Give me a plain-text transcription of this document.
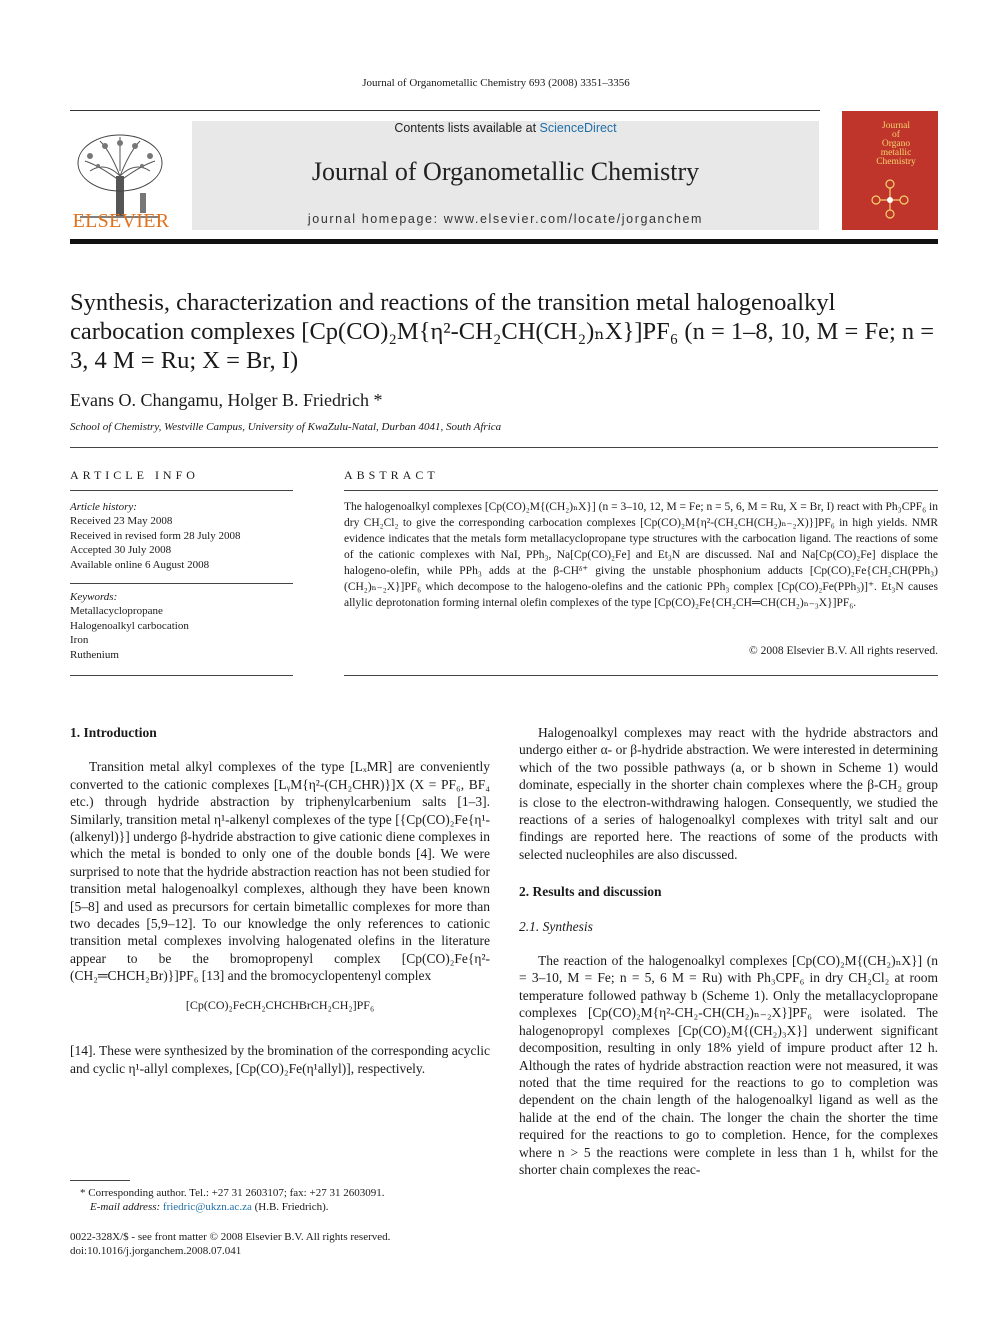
Journal of Organometallic Chemistry 693 (2008) 3351–3356
ELSEVIER
Contents lists available at ScienceDirect
Journal of Organometallic Chemistry
journal homepage: www.elsevier.com/locate/jorganchem
Journal
of
Organo
metallic
Chemistry
Synthesis, characterization and reactions of the transition metal halogenoalkyl carbocation complexes [Cp(CO)₂M{η²-CH₂CH(CH₂)ₙX}]PF₆ (n = 1–8, 10, M = Fe; n = 3, 4 M = Ru; X = Br, I)
Evans O. Changamu, Holger B. Friedrich *
School of Chemistry, Westville Campus, University of KwaZulu-Natal, Durban 4041, South Africa
ARTICLE INFO
Article history:
Received 23 May 2008
Received in revised form 28 July 2008
Accepted 30 July 2008
Available online 6 August 2008
Keywords:
Metallacyclopropane
Halogenoalkyl carbocation
Iron
Ruthenium
ABSTRACT
The halogenoalkyl complexes [Cp(CO)₂M{(CH₂)ₙX}] (n = 3–10, 12, M = Fe; n = 5, 6, M = Ru, X = Br, I) react with Ph₃CPF₆ in dry CH₂Cl₂ to give the corresponding carbocation complexes [Cp(CO)₂M{η²-(CH₂CH(CH₂)ₙ₋₂X)}]PF₆ in high yields. NMR evidence indicates that the metals form metallacyclopropane type structures with the carbocation ligand. The reactions of some of the cationic complexes with NaI, PPh₃, Na[Cp(CO)₂Fe] and Et₃N are discussed. NaI and Na[Cp(CO)₂Fe] displace the halogeno-olefin, while PPh₃ adds at the β-CHᵟ⁺ giving the unstable phosphonium adducts [Cp(CO)₂Fe{CH₂CH(PPh₃)(CH₂)ₙ₋₂X}]PF₆ which decompose to the halogeno-olefins and the cationic PPh₃ complex [Cp(CO)₂Fe(PPh₃)]⁺. Et₃N causes allylic deprotonation forming internal olefin complexes of the type [Cp(CO)₂Fe{CH₂CH═CH(CH₂)ₙ₋₃X}]PF₆.
© 2008 Elsevier B.V. All rights reserved.
1. Introduction

Transition metal alkyl complexes of the type [LₓMR] are conveniently converted to the cationic complexes [LᵧM{η²-(CH₂CHR)}]X (X = PF₆, BF₄ etc.) through hydride abstraction by triphenylcarbenium salts [1–3]. Similarly, transition metal η¹-alkenyl complexes of the type [{Cp(CO)₂Fe{η¹-(alkenyl)}] undergo β-hydride abstraction to give cationic diene complexes in which the metal is bonded to only one of the double bonds [4]. We were surprised to note that the hydride abstraction reaction has not been studied for transition metal halogenoalkyl complexes, although they have been known [5–8] and used as precursors for certain bimetallic complexes for more than two decades [5,9–12]. To our knowledge the only references to cationic transition metal complexes involving halogenated olefins in the literature appear to be the bromopropenyl complex [Cp(CO)₂Fe{η²-(CH₂═CHCH₂Br)}]PF₆ [13] and the bromocyclopentenyl complex

[Cp(CO)₂FeCH₂CHCHBrCH₂CH₂]PF₆

[14]. These were synthesized by the bromination of the corresponding acyclic and cyclic η¹-allyl complexes, [Cp(CO)₂Fe(η¹allyl)], respectively.

Halogenoalkyl complexes may react with the hydride abstractors and undergo either α- or β-hydride abstraction. We were interested in determining which of the two possible pathways (a, or b shown in Scheme 1) would dominate, especially in the shorter chain complexes where the β-CH₂ group is close to the electron-withdrawing halogen. Consequently, we studied the reactions of a series of halogenoalkyl complexes with trityl salt and our findings are reported here. The reactions of some of the products with selected nucleophiles are also discussed.

2. Results and discussion
2.1. Synthesis

The reaction of the halogenoalkyl complexes [Cp(CO)₂M{(CH₂)ₙX}] (n = 3–10, M = Fe; n = 5, 6 M = Ru) with Ph₃CPF₆ in dry CH₂Cl₂ at room temperature followed pathway b (Scheme 1). Only the metallacyclopropane complexes [Cp(CO)₂M{η²-CH₂-CH(CH₂)ₙ₋₂X}]PF₆ were isolated. The halogenopropyl complexes [Cp(CO)₂M{(CH₂)₃X}] underwent significant decomposition, resulting in only 18% yield of impure product after 12 h. Although the rates of hydride abstraction reaction were not measured, it was noted that the time required for the reactions to go to completion was dependent on the chain length of the halogenoalkyl ligand as well as the halide at the end of the chain. The longer the chain the shorter the time required for the reactions to go to completion. Hence, for the complexes where n > 5 the reactions were complete in less than 1 h, whilst for the shorter chain complexes the reac-

* Corresponding author. Tel.: +27 31 2603107; fax: +27 31 2603091.
E-mail address: friedric@ukzn.ac.za (H.B. Friedrich).
0022-328X/$ - see front matter © 2008 Elsevier B.V. All rights reserved.
doi:10.1016/j.jorganchem.2008.07.041
